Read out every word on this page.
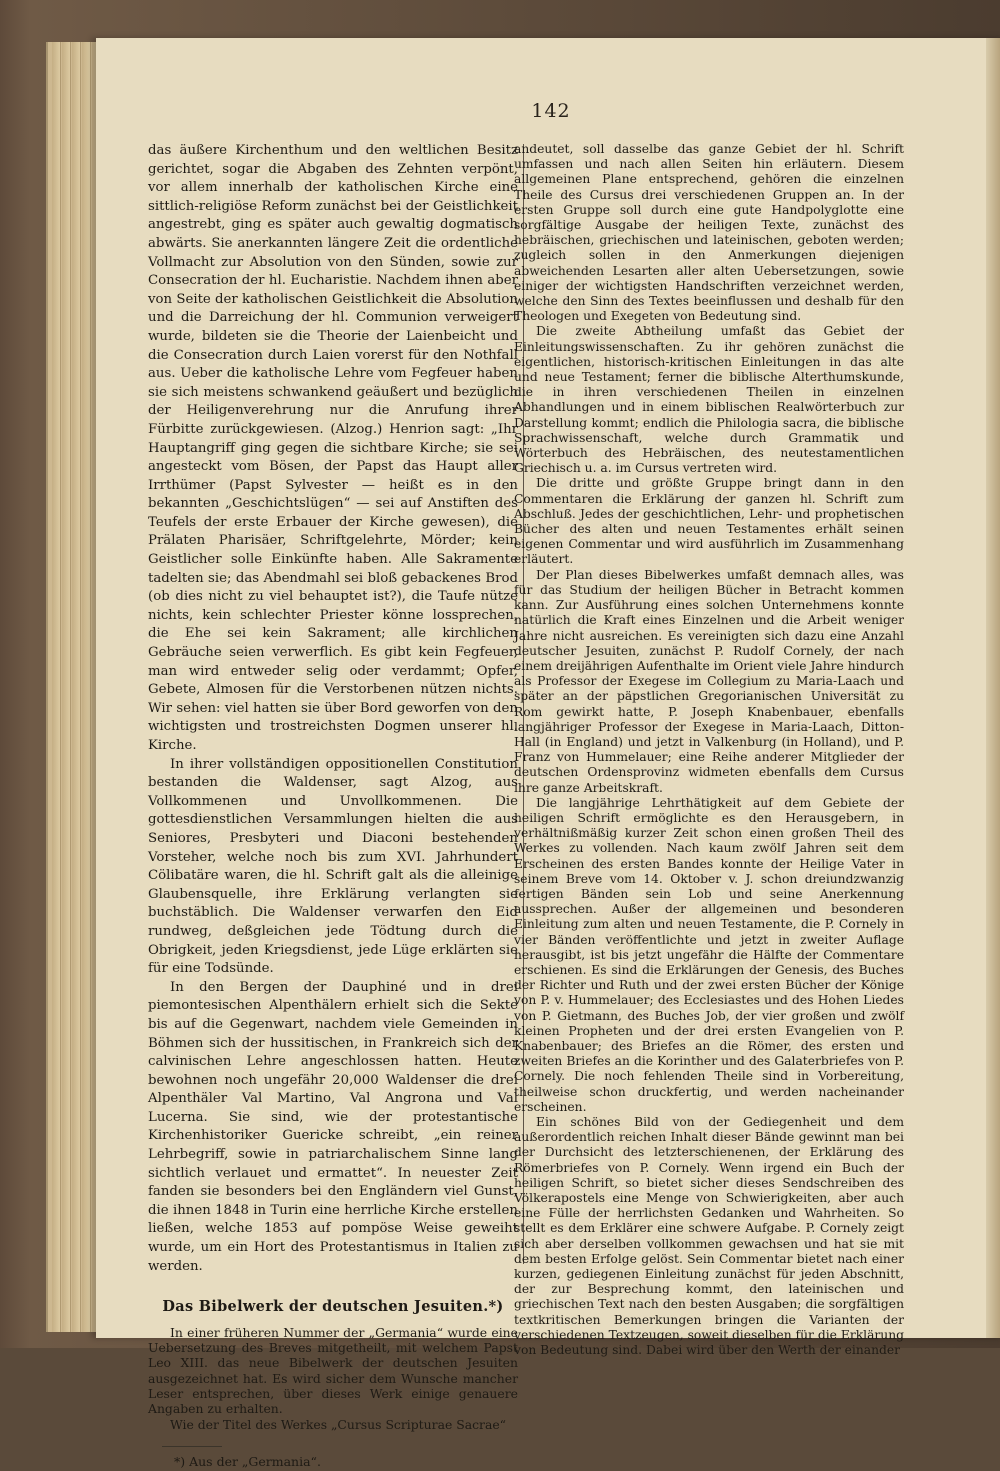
142

das äußere Kirchenthum und den weltlichen Besitz gerichtet, sogar die Abgaben des Zehnten verpönt, vor allem innerhalb der katholischen Kirche eine sittlich-religiöse Reform zunächst bei der Geistlichkeit angestrebt, ging es später auch gewaltig dogmatisch abwärts. Sie anerkannten längere Zeit die ordentliche Vollmacht zur Absolution von den Sünden, sowie zur Consecration der hl. Eucharistie. Nachdem ihnen aber von Seite der katholischen Geistlichkeit die Absolution und die Darreichung der hl. Communion verweigert wurde, bildeten sie die Theorie der Laienbeicht und die Consecration durch Laien vorerst für den Nothfall aus. Ueber die katholische Lehre vom Fegfeuer haben sie sich meistens schwankend geäußert und bezüglich der Heiligenverehrung nur die Anrufung ihrer Fürbitte zurückgewiesen. (Alzog.) Henrion sagt: „Ihr Hauptangriff ging gegen die sichtbare Kirche; sie sei angesteckt vom Bösen, der Papst das Haupt aller Irrthümer (Papst Sylvester — heißt es in den bekannten „Geschichtslügen“ — sei auf Anstiften des Teufels der erste Erbauer der Kirche gewesen), die Prälaten Pharisäer, Schriftgelehrte, Mörder; kein Geistlicher solle Einkünfte haben. Alle Sakramente tadelten sie; das Abendmahl sei bloß gebackenes Brod (ob dies nicht zu viel behauptet ist?), die Taufe nütze nichts, kein schlechter Priester könne lossprechen, die Ehe sei kein Sakrament; alle kirchlichen Gebräuche seien verwerflich. Es gibt kein Fegfeuer, man wird entweder selig oder verdammt; Opfer, Gebete, Almosen für die Verstorbenen nützen nichts. Wir sehen: viel hatten sie über Bord geworfen von den wichtigsten und trostreichsten Dogmen unserer hl. Kirche.

In ihrer vollständigen oppositionellen Constitution bestanden die Waldenser, sagt Alzog, aus Vollkommenen und Unvollkommenen. Die gottesdienstlichen Versammlungen hielten die aus Seniores, Presbyteri und Diaconi bestehenden Vorsteher, welche noch bis zum XVI. Jahrhundert Cölibatäre waren, die hl. Schrift galt als die alleinige Glaubensquelle, ihre Erklärung verlangten sie buchstäblich. Die Waldenser verwarfen den Eid rundweg, deßgleichen jede Tödtung durch die Obrigkeit, jeden Kriegsdienst, jede Lüge erklärten sie für eine Todsünde.

In den Bergen der Dauphiné und in drei piemontesischen Alpenthälern erhielt sich die Sekte bis auf die Gegenwart, nachdem viele Gemeinden in Böhmen sich der hussitischen, in Frankreich sich der calvinischen Lehre angeschlossen hatten. Heute bewohnen noch ungefähr 20,000 Waldenser die drei Alpenthäler Val Martino, Val Angrona und Val Lucerna. Sie sind, wie der protestantische Kirchenhistoriker Guericke schreibt, „ein reiner Lehrbegriff, sowie in patriarchalischem Sinne lang sichtlich verlauet und ermattet“. In neuester Zeit fanden sie besonders bei den Engländern viel Gunst, die ihnen 1848 in Turin eine herrliche Kirche erstellen ließen, welche 1853 auf pompöse Weise geweiht wurde, um ein Hort des Protestantismus in Italien zu werden.

Das Bibelwerk der deutschen Jesuiten.*)

In einer früheren Nummer der „Germania“ wurde eine Uebersetzung des Breves mitgetheilt, mit welchem Papst Leo XIII. das neue Bibelwerk der deutschen Jesuiten ausgezeichnet hat. Es wird sicher dem Wunsche mancher Leser entsprechen, über dieses Werk einige genauere Angaben zu erhalten.

Wie der Titel des Werkes „Cursus Scripturae Sacrae“

*) Aus der „Germania“.

andeutet, soll dasselbe das ganze Gebiet der hl. Schrift umfassen und nach allen Seiten hin erläutern. Diesem allgemeinen Plane entsprechend, gehören die einzelnen Theile des Cursus drei verschiedenen Gruppen an. In der ersten Gruppe soll durch eine gute Handpolyglotte eine sorgfältige Ausgabe der heiligen Texte, zunächst des hebräischen, griechischen und lateinischen, geboten werden; zugleich sollen in den Anmerkungen diejenigen abweichenden Lesarten aller alten Uebersetzungen, sowie einiger der wichtigsten Handschriften verzeichnet werden, welche den Sinn des Textes beeinflussen und deshalb für den Theologen und Exegeten von Bedeutung sind.

Die zweite Abtheilung umfaßt das Gebiet der Einleitungswissenschaften. Zu ihr gehören zunächst die eigentlichen, historisch-kritischen Einleitungen in das alte und neue Testament; ferner die biblische Alterthumskunde, die in ihren verschiedenen Theilen in einzelnen Abhandlungen und in einem biblischen Realwörterbuch zur Darstellung kommt; endlich die Philologia sacra, die biblische Sprachwissenschaft, welche durch Grammatik und Wörterbuch des Hebräischen, des neutestamentlichen Griechisch u. a. im Cursus vertreten wird.

Die dritte und größte Gruppe bringt dann in den Commentaren die Erklärung der ganzen hl. Schrift zum Abschluß. Jedes der geschichtlichen, Lehr- und prophetischen Bücher des alten und neuen Testamentes erhält seinen eigenen Commentar und wird ausführlich im Zusammenhang erläutert.

Der Plan dieses Bibelwerkes umfaßt demnach alles, was für das Studium der heiligen Bücher in Betracht kommen kann. Zur Ausführung eines solchen Unternehmens konnte natürlich die Kraft eines Einzelnen und die Arbeit weniger Jahre nicht ausreichen. Es vereinigten sich dazu eine Anzahl deutscher Jesuiten, zunächst P. Rudolf Cornely, der nach einem dreijährigen Aufenthalte im Orient viele Jahre hindurch als Professor der Exegese im Collegium zu Maria-Laach und später an der päpstlichen Gregorianischen Universität zu Rom gewirkt hatte, P. Joseph Knabenbauer, ebenfalls langjähriger Professor der Exegese in Maria-Laach, Ditton-Hall (in England) und jetzt in Valkenburg (in Holland), und P. Franz von Hummelauer; eine Reihe anderer Mitglieder der deutschen Ordensprovinz widmeten ebenfalls dem Cursus ihre ganze Arbeitskraft.

Die langjährige Lehrthätigkeit auf dem Gebiete der heiligen Schrift ermöglichte es den Herausgebern, in verhältnißmäßig kurzer Zeit schon einen großen Theil des Werkes zu vollenden. Nach kaum zwölf Jahren seit dem Erscheinen des ersten Bandes konnte der Heilige Vater in seinem Breve vom 14. Oktober v. J. schon dreiundzwanzig fertigen Bänden sein Lob und seine Anerkennung aussprechen. Außer der allgemeinen und besonderen Einleitung zum alten und neuen Testamente, die P. Cornely in vier Bänden veröffentlichte und jetzt in zweiter Auflage herausgibt, ist bis jetzt ungefähr die Hälfte der Commentare erschienen. Es sind die Erklärungen der Genesis, des Buches der Richter und Ruth und der zwei ersten Bücher der Könige von P. v. Hummelauer; des Ecclesiastes und des Hohen Liedes von P. Gietmann, des Buches Job, der vier großen und zwölf kleinen Propheten und der drei ersten Evangelien von P. Knabenbauer; des Briefes an die Römer, des ersten und zweiten Briefes an die Korinther und des Galaterbriefes von P. Cornely. Die noch fehlenden Theile sind in Vorbereitung, theilweise schon druckfertig, und werden nacheinander erscheinen.

Ein schönes Bild von der Gediegenheit und dem außerordentlich reichen Inhalt dieser Bände gewinnt man bei der Durchsicht des letzterschienenen, der Erklärung des Römerbriefes von P. Cornely. Wenn irgend ein Buch der heiligen Schrift, so bietet sicher dieses Sendschreiben des Völkerapostels eine Menge von Schwierigkeiten, aber auch eine Fülle der herrlichsten Gedanken und Wahrheiten. So stellt es dem Erklärer eine schwere Aufgabe. P. Cornely zeigt sich aber derselben vollkommen gewachsen und hat sie mit dem besten Erfolge gelöst. Sein Commentar bietet nach einer kurzen, gediegenen Einleitung zunächst für jeden Abschnitt, der zur Besprechung kommt, den lateinischen und griechischen Text nach den besten Ausgaben; die sorgfältigen textkritischen Bemerkungen bringen die Varianten der verschiedenen Textzeugen, soweit dieselben für die Erklärung von Bedeutung sind. Dabei wird über den Werth der einander
